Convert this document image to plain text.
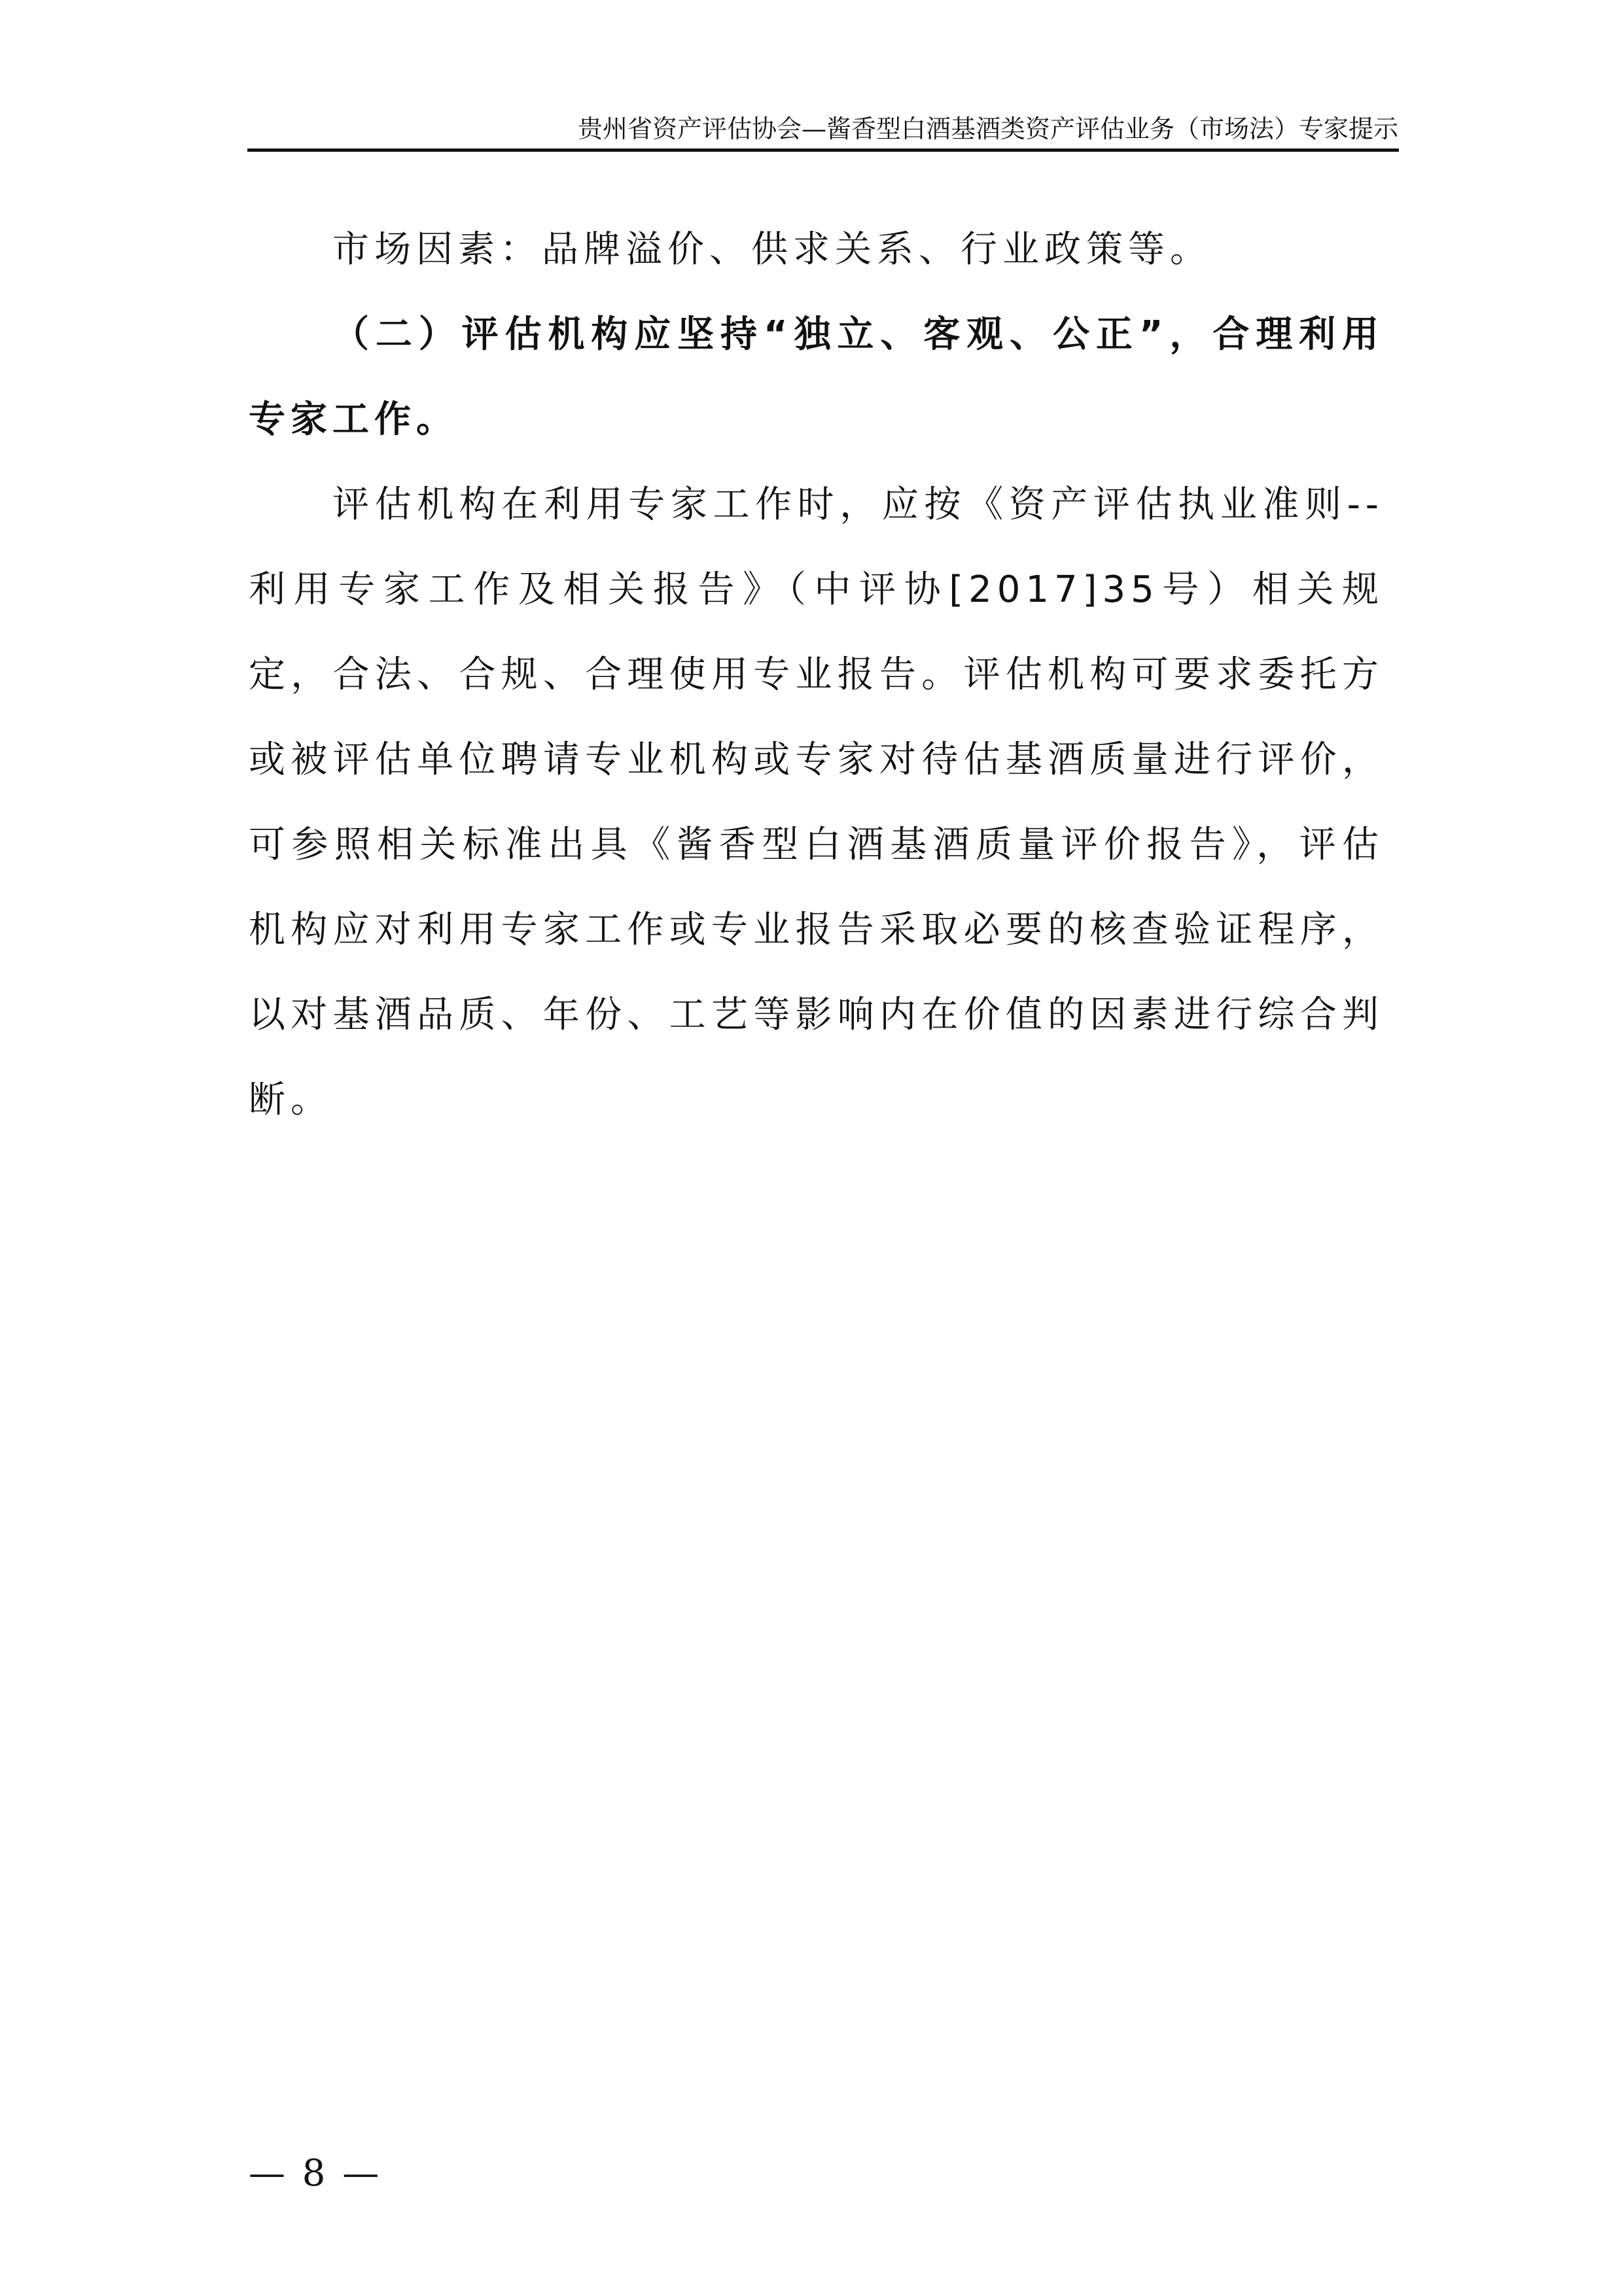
贵州省资产评估协会—酱香型白酒基酒类资产评估业务（市场法）专家提示

市场因素：品牌溢价、供求关系、行业政策等。

（二）评估机构应坚持“独立、客观、公正”，合理利用专家工作。

评估机构在利用专家工作时，应按《资产评估执业准则--利用专家工作及相关报告》（中评协[2017]35号）相关规定，合法、合规、合理使用专业报告。评估机构可要求委托方或被评估单位聘请专业机构或专家对待估基酒质量进行评价，可参照相关标准出具《酱香型白酒基酒质量评价报告》，评估机构应对利用专家工作或专业报告采取必要的核查验证程序，以对基酒品质、年份、工艺等影响内在价值的因素进行综合判断。

— 8 —
